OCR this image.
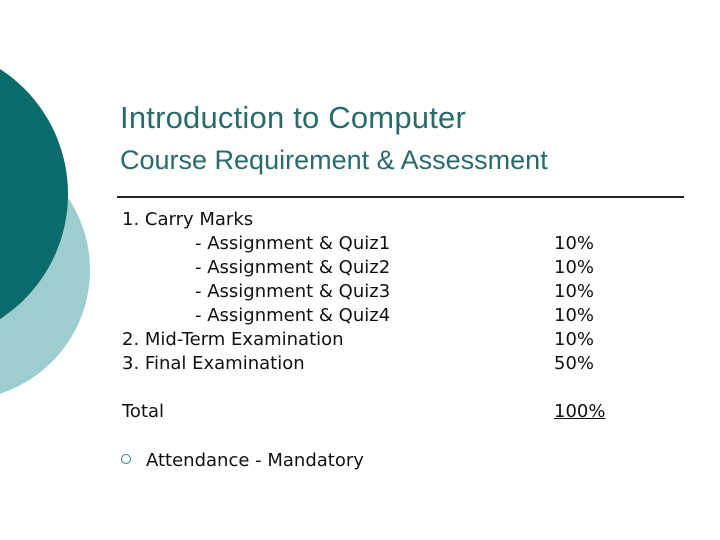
Introduction to Computer
Course Requirement & Assessment
1. Carry Marks
- Assignment & Quiz1	10%
- Assignment & Quiz2	10%
- Assignment & Quiz3	10%
- Assignment & Quiz4	10%
2. Mid-Term Examination	10%
3. Final Examination	50%
Total	100%
Attendance - Mandatory
